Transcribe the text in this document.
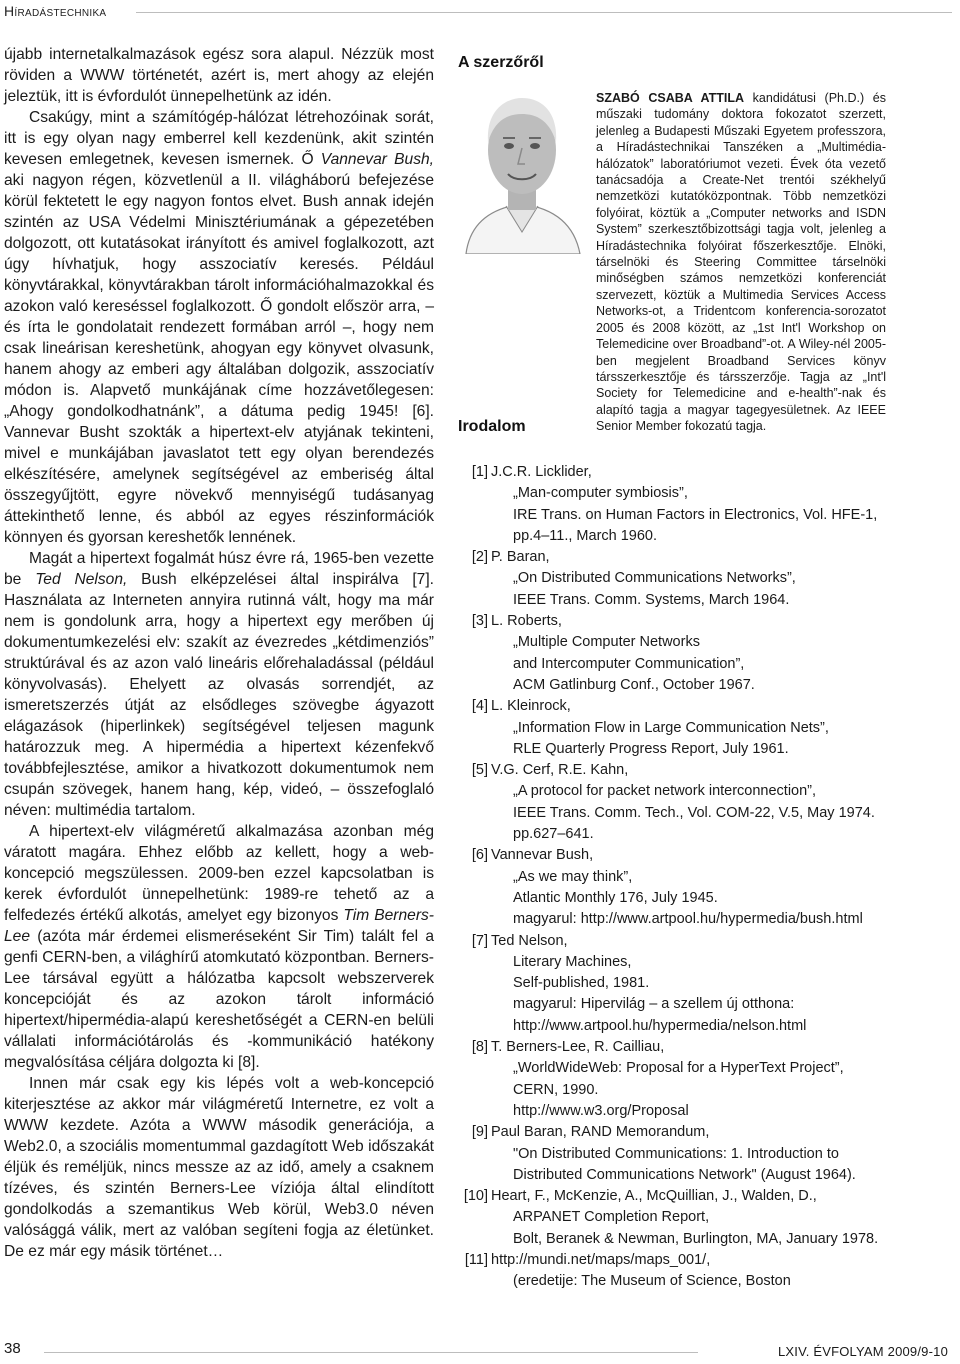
Híradástechnika

újabb internetalkalmazások egész sora alapul. Nézzük most röviden a WWW történetét, azért is, mert ahogy az elején jeleztük, itt is évfordulót ünnepelhetünk az idén.

Csakúgy, mint a számítógép-hálózat létrehozóinak sorát, itt is egy olyan nagy emberrel kell kezdenünk, akit szintén kevesen emlegetnek, kevesen ismernek. Ő Vannevar Bush, aki nagyon régen, közvetlenül a II. világháború befejezése körül fektetett le egy nagyon fontos elvet. Bush annak idején szintén az USA Védelmi Minisztériumának a gépezetében dolgozott, ott kutatásokat irányított és amivel foglalkozott, azt úgy hívhatjuk, hogy asszociatív keresés. Például könyvtárakkal, könyvtárakban tárolt információhalmazokkal és azokon való kereséssel foglalkozott. Ő gondolt először arra, – és írta le gondolatait rendezett formában arról –, hogy nem csak lineárisan kereshetünk, ahogyan egy könyvet olvasunk, hanem ahogy az emberi agy általában dolgozik, asszociatív módon is. Alapvető munkájának címe hozzávetőlegesen: „Ahogy gondolkodhatnánk”, a dátuma pedig 1945! [6]. Vannevar Busht szokták a hipertext-elv atyjának tekinteni, mivel e munkájában javaslatot tett egy olyan berendezés elkészítésére, amelynek segítségével az emberiség által összegyűjtött, egyre növekvő mennyiségű tudásanyag áttekinthető lenne, és abból az egyes részinformációk könnyen és gyorsan kereshetők lennének.

Magát a hipertext fogalmát húsz évre rá, 1965-ben vezette be Ted Nelson, Bush elképzelései által inspirálva [7]. Használata az Interneten annyira rutinná vált, hogy ma már nem is gondolunk arra, hogy a hipertext egy merőben új dokumentumkezelési elv: szakít az évezredes „kétdimenziós” struktúrával és az azon való lineáris előrehaladással (például könyvolvasás). Ehelyett az olvasás sorrendjét, az ismeretszerzés útját az elsődleges szövegbe ágyazott elágazások (hiperlinkek) segítségével teljesen magunk határozzuk meg. A hipermédia a hipertext kézenfekvő továbbfejlesztése, amikor a hivatkozott dokumentumok nem csupán szövegek, hanem hang, kép, videó, – összefoglaló néven: multimédia tartalom.

A hipertext-elv világméretű alkalmazása azonban még váratott magára. Ehhez előbb az kellett, hogy a web-koncepció megszülessen. 2009-ben ezzel kapcsolatban is kerek évfordulót ünnepelhetünk: 1989-re tehető az a felfedezés értékű alkotás, amelyet egy bizonyos Tim Berners-Lee (azóta már érdemei elismeréseként Sir Tim) talált fel a genfi CERN-ben, a világhírű atomkutató központban. Berners-Lee társával együtt a hálózatba kapcsolt webszerverek koncepcióját és az azokon tárolt információ hipertext/hipermédia-alapú kereshetőségét a CERN-en belüli vállalati információtárolás és -kommunikáció hatékony megvalósítása céljára dolgozta ki [8].

Innen már csak egy kis lépés volt a web-koncepció kiterjesztése az akkor már világméretű Internetre, ez volt a WWW kezdete. Azóta a WWW második generációja, a Web2.0, a szociális momentummal gazdagított Web időszakát éljük és reméljük, nincs messze az az idő, amely a csaknem tízéves, és szintén Berners-Lee víziója által elindított gondolkodás a szemantikus Web körül, Web3.0 néven valósággá válik, mert az valóban segíteni fogja az életünket. De ez már egy másik történet…

A szerzőről
SZABÓ CSABA ATTILA kandidátusi (Ph.D.) és műszaki tudomány doktora fokozatot szerzett, jelenleg a Budapesti Műszaki Egyetem professzora, a Híradástechnikai Tanszéken a „Multimédia-hálózatok” laboratóriumot vezeti. Évek óta vezető tanácsadója a Create-Net trentói székhelyű nemzetközi kutatóközpontnak. Több nemzetközi folyóirat, köztük a „Computer networks and ISDN System” szerkesztőbizottsági tagja volt, jelenleg a Híradástechnika folyóirat főszerkesztője. Elnöki, társelnöki és Steering Committee társelnöki minőségben számos nemzetközi konferenciát szervezett, köztük a Multimedia Services Access Networks-ot, a Tridentcom konferencia-sorozatot 2005 és 2008 között, az „1st Int'l Workshop on Telemedicine over Broadband”-ot. A Wiley-nél 2005-ben megjelent Broadband Services könyv társszerkesztője és társszerzője. Tagja az „Int'l Society for Telemedicine and e-health”-nak és alapító tagja a magyar tagegyesületnek. Az IEEE Senior Member fokozatú tagja.
Irodalom
[1] J.C.R. Licklider,
„Man-computer symbiosis”,
IRE Trans. on Human Factors in Electronics, Vol. HFE-1,
pp.4–11., March 1960.
[2] P. Baran,
„On Distributed Communications Networks”,
IEEE Trans. Comm. Systems, March 1964.
[3] L. Roberts,
„Multiple Computer Networks
and Intercomputer Communication”,
ACM Gatlinburg Conf., October 1967.
[4] L. Kleinrock,
„Information Flow in Large Communication Nets”,
RLE Quarterly Progress Report, July 1961.
[5] V.G. Cerf, R.E. Kahn,
„A protocol for packet network interconnection”,
IEEE Trans. Comm. Tech., Vol. COM-22, V.5, May 1974.
pp.627–641.
[6] Vannevar Bush,
„As we may think”,
Atlantic Monthly 176, July 1945.
magyarul: http://www.artpool.hu/hypermedia/bush.html
[7] Ted Nelson,
Literary Machines,
Self-published, 1981.
magyarul: Hipervilág – a szellem új otthona:
http://www.artpool.hu/hypermedia/nelson.html
[8] T. Berners-Lee, R. Cailliau,
„WorldWideWeb: Proposal for a HyperText Project”,
CERN, 1990.
http://www.w3.org/Proposal
[9] Paul Baran, RAND Memorandum,
"On Distributed Communications: 1. Introduction to
Distributed Communications Network" (August 1964).
[10] Heart, F., McKenzie, A., McQuillian, J., Walden, D.,
ARPANET Completion Report,
Bolt, Beranek & Newman, Burlington, MA, January 1978.
[11] http://mundi.net/maps/maps_001/,
(eredetije: The Museum of Science, Boston
38	LXIV. ÉVFOLYAM 2009/9-10
